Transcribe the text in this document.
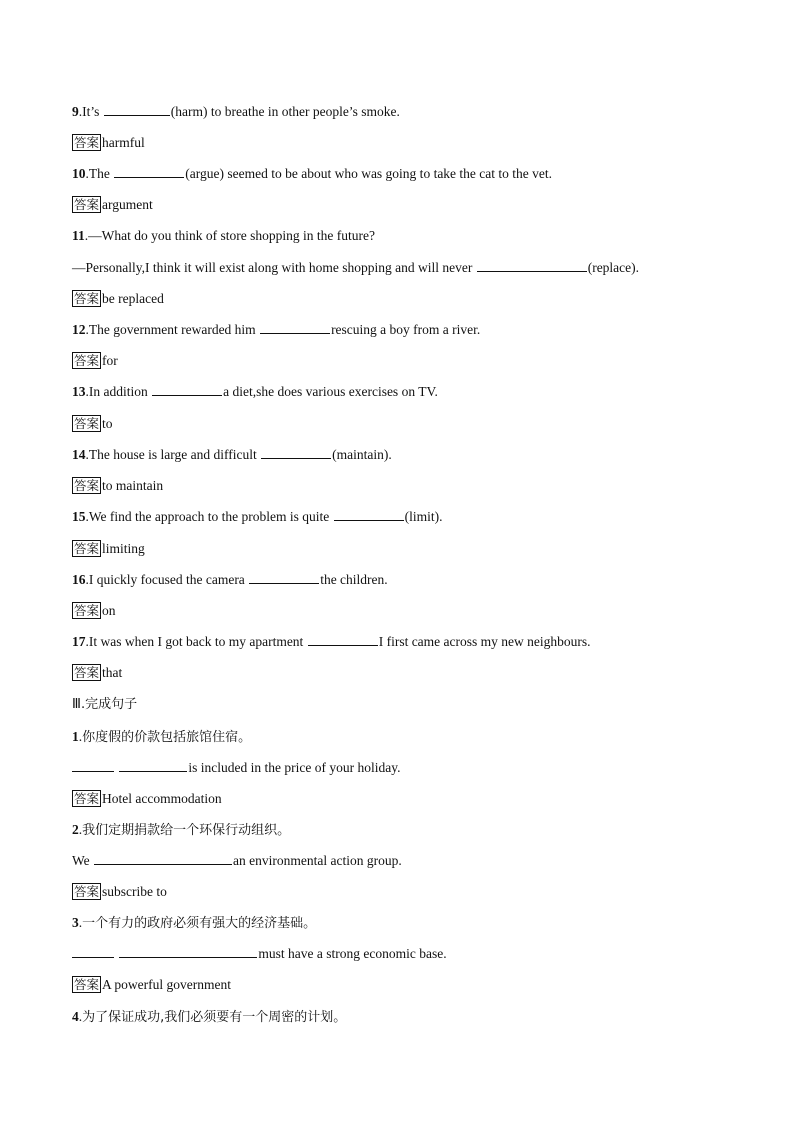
9.It’s	(harm) to breathe in other people’s smoke.
答案 harmful
10.The	(argue) seemed to be about who was going to take the cat to the vet.
答案 argument
11.—What do you think of store shopping in the future?
—Personally,I think it will exist along with home shopping and will never	(replace).
答案 be replaced
12.The government rewarded him	rescuing a boy from a river.
答案 for
13.In addition	a diet,she does various exercises on TV.
答案 to
14.The house is large and difficult	(maintain).
答案 to maintain
15.We find the approach to the problem is quite	(limit).
答案 limiting
16.I quickly focused the camera	the children.
答案 on
17.It was when I got back to my apartment	I first came across my new neighbours.
答案 that
Ⅲ.完成句子
1.你度假的价款包括旅馆住宿。
is included in the price of your holiday.
答案 Hotel accommodation
2.我们定期捐款给一个环保行动组织。
We	an environmental action group.
答案 subscribe to
3.一个有力的政府必须有强大的经济基础。
must have a strong economic base.
答案 A powerful government
4.为了保证成功,我们必须要有一个周密的计划。
